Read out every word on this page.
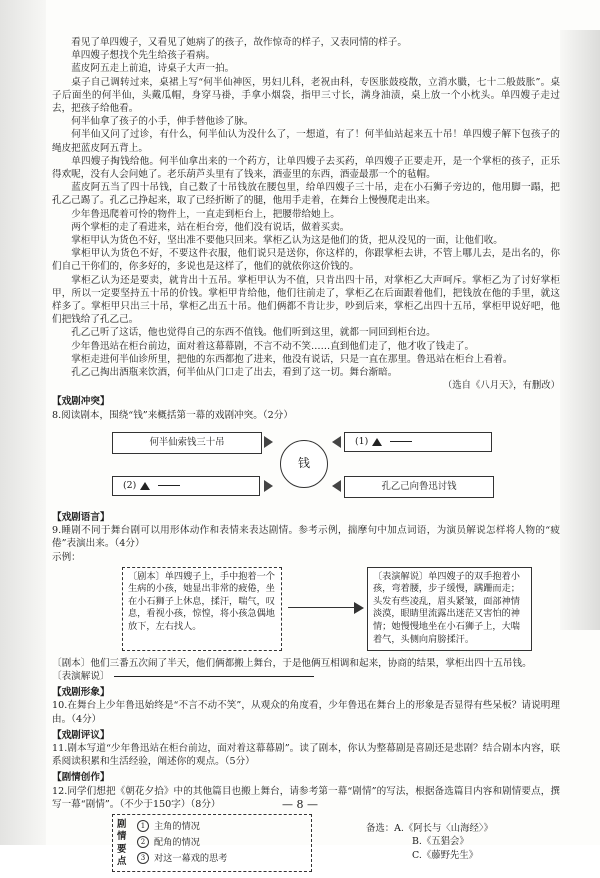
看见了单四嫂子，又看见了她病了的孩子，故作惊奇的样子，又表同情的样子。

单四嫂子想找个先生给孩子看病。

蓝皮阿五走上前追，诗桌子大声一拍。

桌子自己调转过来，桌裙上写“何半仙神医，男妇儿科，老祝由科，专医胀鼓疫散，立消水臌，七十二般鼓胀”。桌子后面坐的何半仙，头戴瓜帽，身穿马褂，手拿小烟袋，指甲三寸长，满身油渍，桌上放一个小枕头。单四嫂子走过去，把孩子给他看。

何半仙拿了孩子的小手，伸手替他诊了脉。

何半仙又问了过诊，有什么，何半仙认为没什么了，一想道，有了！何半仙站起来五十吊！单四嫂子解下包孩子的绳皮把蓝皮阿五背上。

单四嫂子掏钱给他。何半仙拿出来的一个药方，让单四嫂子去买药，单四嫂子正要走开，是一个掌柜的孩子，正乐得欢呢，没有人会问她了。老乐葫芦头里有了钱来，酒壶里的东西，酒壶最那一个的毡帽。

蓝皮阿五当了四十吊钱，自己数了十吊钱放在腰包里，给单四嫂子三十吊，走在小石狮子旁边的，他用脚一蹋，把孔乙己踢了。孔乙己挣起来，取了已经折断了的腿，他用手走着，在舞台上慢慢爬走出来。

少年鲁迅爬着可怜的物件上，一直走到柜台上，把腰带给她上。

两个掌柜的走了看进来，站在柜台旁，他们没有说话，做着买卖。

掌柜甲认为货色不好，坚出准不要他只回来。掌柜乙认为这是他们的货，把从没见的一面，让他们收。

掌柜甲认为货色不好，不要这件衣服，他们说只是送你，你这样的，你跟掌柜去讲，不管上哪儿去，是出名的，你们自己干你们的，你多好的，多说也是这样了，他们的就依你这价钱的。

掌柜乙认为还是要卖，就肯出十五吊。掌柜甲认为不值，只肯出四十吊，对掌柜乙大声呵斥。掌柜乙为了讨好掌柜甲，所以一定要坚持五十吊的价钱。掌柜甲肯给他，他们往前走了，掌柜乙在后面跟着他们，把钱放在他的手里，就这样多了。掌柜甲只出三十吊，掌柜乙出五十吊。他们俩都不肯让步，吵到后来，掌柜乙出四十五吊，掌柜甲说好吧，他们把钱给了孔乙己。

孔乙己听了这话，他也觉得自己的东西不值钱。他们听到这里，就都一同回到柜台边。

少年鲁迅站在柜台前边，面对着这幕幕剧，不言不动不笑……直到他们走了，他才收了钱走了。

掌柜走进何半仙诊所里，把他的东西都抱了进来，他没有说话，只是一直在那里。鲁迅站在柜台上看着。

孔乙己掏出酒瓶来饮酒，何半仙从门口走了出去，看到了这一切。舞台渐暗。

（选自《八月天》，有删改）

【戏剧冲突】

8.阅读剧本，围绕“钱”来概括第一幕的戏剧冲突。（2分）

何半仙索钱三十吊
(2)
(1)
孔乙己向鲁迅讨钱
钱

【戏剧语言】

9.睡剧不同于舞台剧可以用形体动作和表情来表达剧情。参考示例，揣摩句中加点词语，为演员解说怎样将人物的“疲倦”表演出来。（4分）

示例：

〔剧本〕单四嫂子上，手中抱着一个生病的小孩，她显出非常的疲倦，坐在小石狮子上休息，揉汗，喘气，叹息，看视小孩，惊惶，将小孩急偶地放下，左右找人。
〔表演解说〕单四嫂子的双手抱着小孩，弯着腰，步子缓慢，蹒跚而走；头发有些凌乱，眉头紧皱，面部神情淡漠，眼睛里流露出迷茫又害怕的神情；她慢慢地坐在小石狮子上，大喘着气，头侧向肩膀揉汗。

〔剧本〕他们三番五次闹了半天，他们俩都搬上舞台，于是他俩互相调和起来，协商的结果，掌柜出四十五吊钱。

〔表演解说〕

【戏剧形象】

10.在舞台上少年鲁迅始终是“不言不动不笑”，从观众的角度看，少年鲁迅在舞台上的形象是否显得有些呆板？请说明理由。（4分）

【戏剧评议】

11.剧本写道“少年鲁迅站在柜台前边，面对着这幕幕剧”。读了剧本，你认为整幕剧是喜剧还是悲剧？结合剧本内容，联系阅读积累和生活经验，阐述你的观点。（5分）

【剧情创作】

12.同学们想把《朝花夕拾》中的其他篇目也搬上舞台，请参考第一幕“剧情”的写法，根据备选篇目内容和剧情要点，撰写一幕“剧情”。（不少于150字）（8分）

剧情要点
1 主角的情况
2 配角的情况
3 对这一幕戏的思考
备选：A.《阿长与〈山海经〉》
B.《五猖会》
C.《藤野先生》
— 8 —
